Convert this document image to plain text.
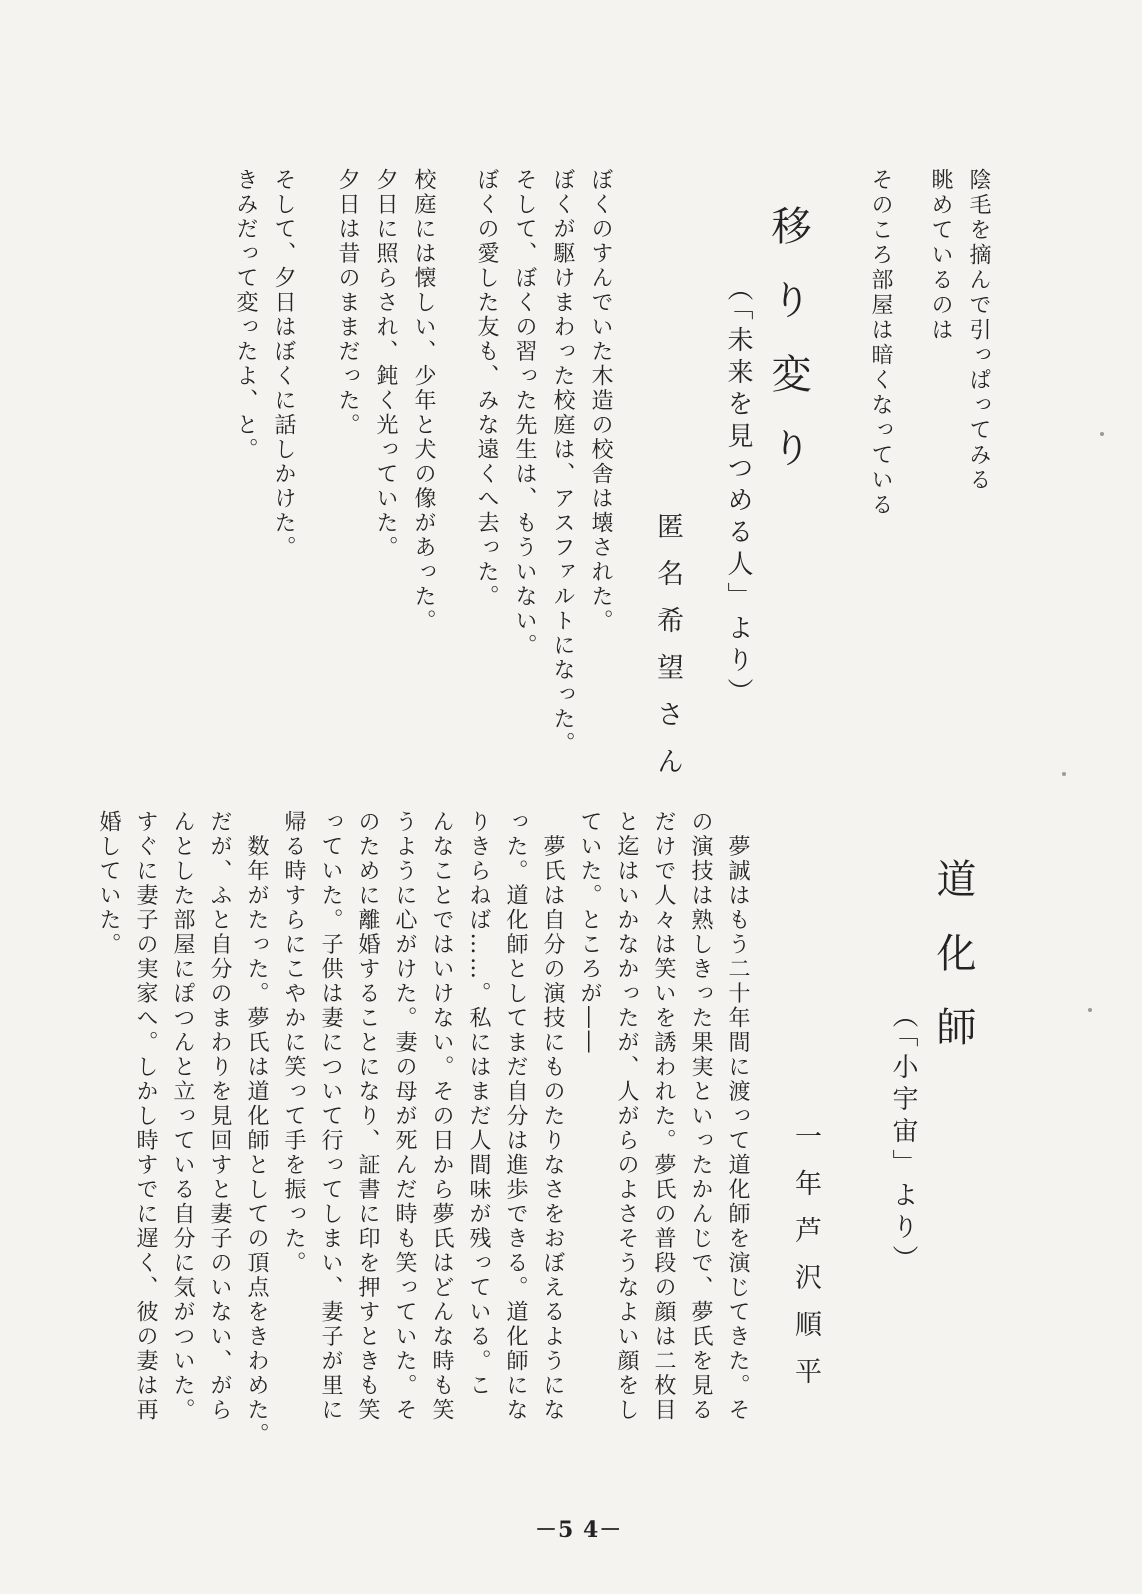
陰毛を摘んで引っぱってみる
眺めているのは
そのころ部屋は暗くなっている
移り変り
（「未来を見つめる人」より）
匿名希望さん
ぼくのすんでいた木造の校舎は壊された。
ぼくが駆けまわった校庭は、アスファルトになった。
そして、ぼくの習った先生は、もういない。
ぼくの愛した友も、みな遠くへ去った。
校庭には懐しい、少年と犬の像があった。
夕日に照らされ、鈍く光っていた。
夕日は昔のままだった。
そして、夕日はぼくに話しかけた。
きみだって変ったよ、と。
道化師
（「小宇宙」より）
一年芦沢順平
　夢誠はもう二十年間に渡って道化師を演じてきた。そ
の演技は熟しきった果実といったかんじで、夢氏を見る
だけで人々は笑いを誘われた。夢氏の普段の顔は二枚目
と迄はいかなかったが、人がらのよさそうなよい顔をし
ていた。ところが――
　夢氏は自分の演技にものたりなさをおぼえるようにな
った。道化師としてまだ自分は進歩できる。道化師にな
りきらねば……。私にはまだ人間味が残っている。こ
んなことではいけない。その日から夢氏はどんな時も笑
うように心がけた。妻の母が死んだ時も笑っていた。そ
のために離婚することになり、証書に印を押すときも笑
っていた。子供は妻について行ってしまい、妻子が里に
帰る時すらにこやかに笑って手を振った。
　数年がたった。夢氏は道化師としての頂点をきわめた。
だが、ふと自分のまわりを見回すと妻子のいない、がら
んとした部屋にぽつんと立っている自分に気がついた。
すぐに妻子の実家へ。しかし時すでに遅く、彼の妻は再
婚していた。
－5 4－
